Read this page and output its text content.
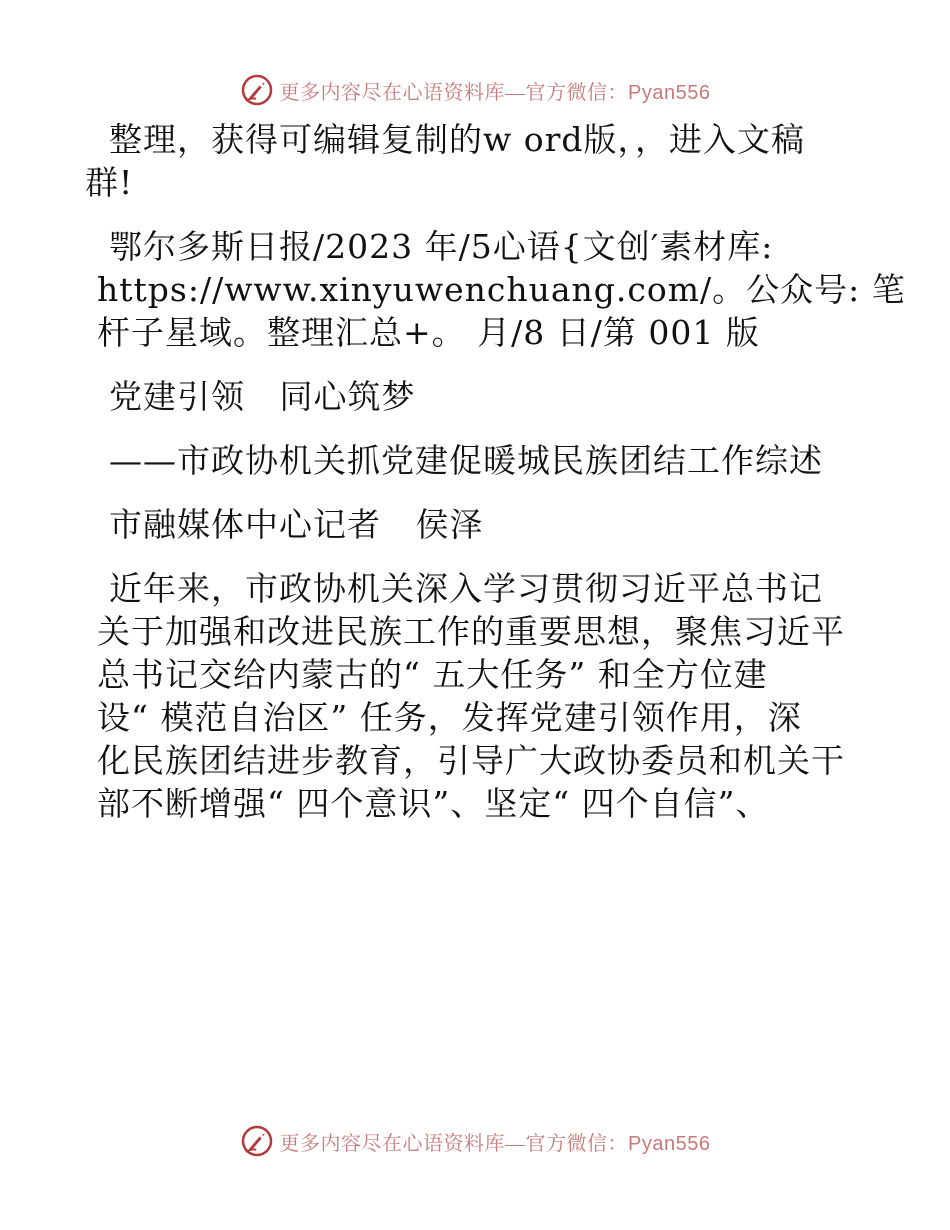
更多内容尽在心语资料库—官方微信：Pyan556
整理，获得可编辑复制的w ord版，，进入文稿
群!
鄂尔多斯日报/2023 年/5心语{文创′素材库:
https://www.xinyuwenchuang.com/。公众号: 笔
杆子星域。整理汇总+。 月/8 日/第 001 版
党建引领   同心筑梦
——市政协机关抓党建促暖城民族团结工作综述
市融媒体中心记者   侯泽
近年来，市政协机关深入学习贯彻习近平总书记
关于加强和改进民族工作的重要思想，聚焦习近平
总书记交给内蒙古的“ 五大任务” 和全方位建
设“ 模范自治区” 任务，发挥党建引领作用，深
化民族团结进步教育，引导广大政协委员和机关干
部不断增强“ 四个意识”、坚定“ 四个自信”、
更多内容尽在心语资料库—官方微信：Pyan556
